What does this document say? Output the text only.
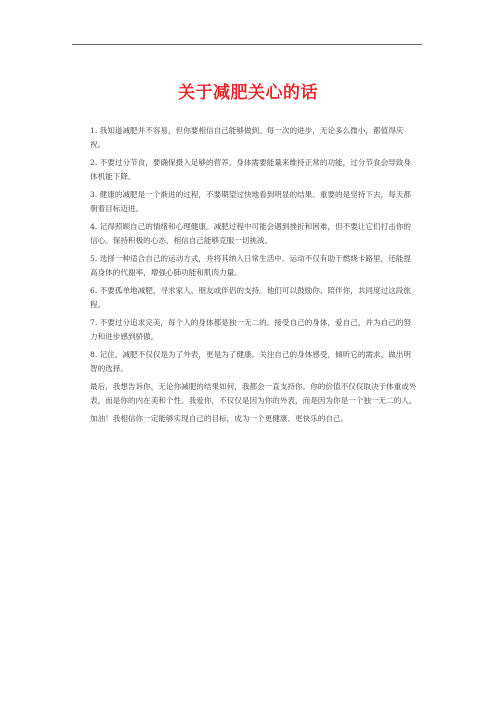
关于减肥关心的话

1. 我知道减肥并不容易，但你要相信自己能够做到。每一次的进步，无论多么微小，都值得庆祝。

2. 不要过分节食，要确保摄入足够的营养。身体需要能量来维持正常的功能，过分节食会导致身体机能下降。

3. 健康的减肥是一个渐进的过程，不要期望过快地看到明显的结果。重要的是坚持下去，每天都朝着目标迈进。

4. 记得照顾自己的情绪和心理健康。减肥过程中可能会遇到挫折和困难，但不要让它们打击你的信心。保持积极的心态，相信自己能够克服一切挑战。

5. 选择一种适合自己的运动方式，并将其纳入日常生活中。运动不仅有助于燃烧卡路里，还能提高身体的代谢率，增强心肺功能和肌肉力量。

6. 不要孤单地减肥，寻求家人、朋友或伴侣的支持。他们可以鼓励你、陪伴你，共同度过这段旅程。

7. 不要过分追求完美，每个人的身体都是独一无二的。接受自己的身体，爱自己，并为自己的努力和进步感到骄傲。

8. 记住，减肥不仅仅是为了外表，更是为了健康。关注自己的身体感受，倾听它的需求，做出明智的选择。

最后，我想告诉你，无论你减肥的结果如何，我都会一直支持你。你的价值不仅仅取决于体重或外表，而是你的内在美和个性。我爱你，不仅仅是因为你的外表，而是因为你是一个独一无二的人。

加油！我相信你一定能够实现自己的目标，成为一个更健康、更快乐的自己。
